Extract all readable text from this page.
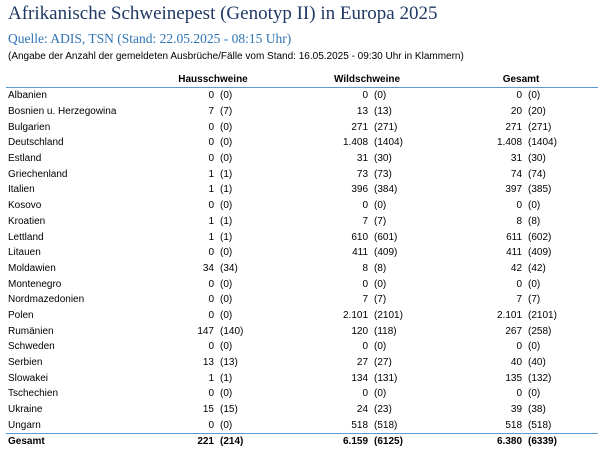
Afrikanische Schweinepest (Genotyp II) in Europa 2025
Quelle: ADIS, TSN (Stand: 22.05.2025 - 08:15 Uhr)
(Angabe der Anzahl der gemeldeten Ausbrüche/Fälle vom Stand: 16.05.2025 - 09:30 Uhr in Klammern)
	Hausschweine		Wildschweine		Gesamt	
Albanien	0	(0)	0	(0)	0	(0)
Bosnien u. Herzegowina	7	(7)	13	(13)	20	(20)
Bulgarien	0	(0)	271	(271)	271	(271)
Deutschland	0	(0)	1.408	(1404)	1.408	(1404)
Estland	0	(0)	31	(30)	31	(30)
Griechenland	1	(1)	73	(73)	74	(74)
Italien	1	(1)	396	(384)	397	(385)
Kosovo	0	(0)	0	(0)	0	(0)
Kroatien	1	(1)	7	(7)	8	(8)
Lettland	1	(1)	610	(601)	611	(602)
Litauen	0	(0)	411	(409)	411	(409)
Moldawien	34	(34)	8	(8)	42	(42)
Montenegro	0	(0)	0	(0)	0	(0)
Nordmazedonien	0	(0)	7	(7)	7	(7)
Polen	0	(0)	2.101	(2101)	2.101	(2101)
Rumänien	147	(140)	120	(118)	267	(258)
Schweden	0	(0)	0	(0)	0	(0)
Serbien	13	(13)	27	(27)	40	(40)
Slowakei	1	(1)	134	(131)	135	(132)
Tschechien	0	(0)	0	(0)	0	(0)
Ukraine	15	(15)	24	(23)	39	(38)
Ungarn	0	(0)	518	(518)	518	(518)
Gesamt	221	(214)	6.159	(6125)	6.380	(6339)
